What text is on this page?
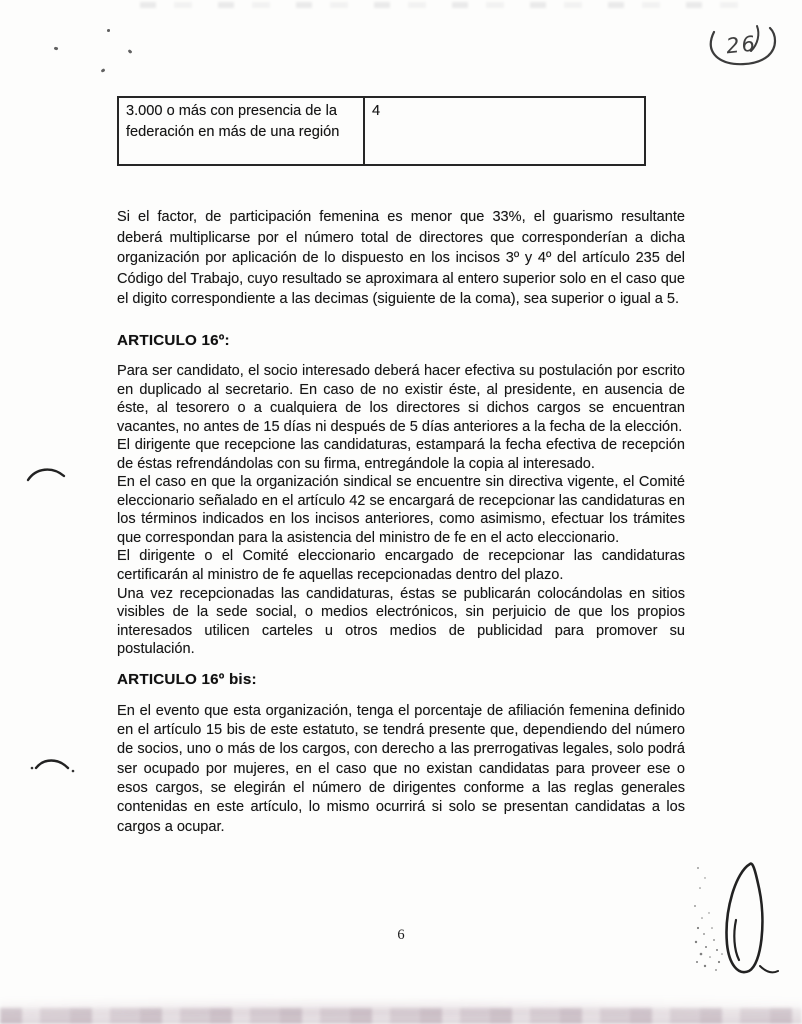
26
3.000 o más con presencia de la federación en más de una región	4

Si el factor, de participación femenina es menor que 33%, el guarismo resultante deberá multiplicarse por el número total de directores que corresponderían a dicha organización por aplicación de lo dispuesto en los incisos 3º y 4º del artículo 235 del Código del Trabajo, cuyo resultado se aproximara al entero superior solo en el caso que el digito correspondiente a las decimas (siguiente de la coma), sea superior o igual a 5.

ARTICULO 16º:

Para ser candidato, el socio interesado deberá hacer efectiva su postulación por escrito en duplicado al secretario. En caso de no existir éste, al presidente, en ausencia de éste, al tesorero o a cualquiera de los directores si dichos cargos se encuentran vacantes, no antes de 15 días ni después de 5 días anteriores a la fecha de la elección.

El dirigente que recepcione las candidaturas, estampará la fecha efectiva de recepción de éstas refrendándolas con su firma, entregándole la copia al interesado.

En el caso en que la organización sindical se encuentre sin directiva vigente, el Comité eleccionario señalado en el artículo 42 se encargará de recepcionar las candidaturas en los términos indicados en los incisos anteriores, como asimismo, efectuar los trámites que correspondan para la asistencia del ministro de fe en el acto eleccionario.

El dirigente o el Comité eleccionario encargado de recepcionar las candidaturas certificarán al ministro de fe aquellas recepcionadas dentro del plazo.

Una vez recepcionadas las candidaturas, éstas se publicarán colocándolas en sitios visibles de la sede social, o medios electrónicos, sin perjuicio de que los propios interesados utilicen carteles u otros medios de publicidad para promover su postulación.

ARTICULO 16º bis:

En el evento que esta organización, tenga el porcentaje de afiliación femenina definido en el artículo 15 bis de este estatuto, se tendrá presente que, dependiendo del número de socios, uno o más de los cargos, con derecho a las prerrogativas legales, solo podrá ser ocupado por mujeres, en el caso que no existan candidatas para proveer ese o esos cargos, se elegirán el número de dirigentes conforme a las reglas generales contenidas en este artículo, lo mismo ocurrirá si solo se presentan candidatas a los cargos a ocupar.

6
